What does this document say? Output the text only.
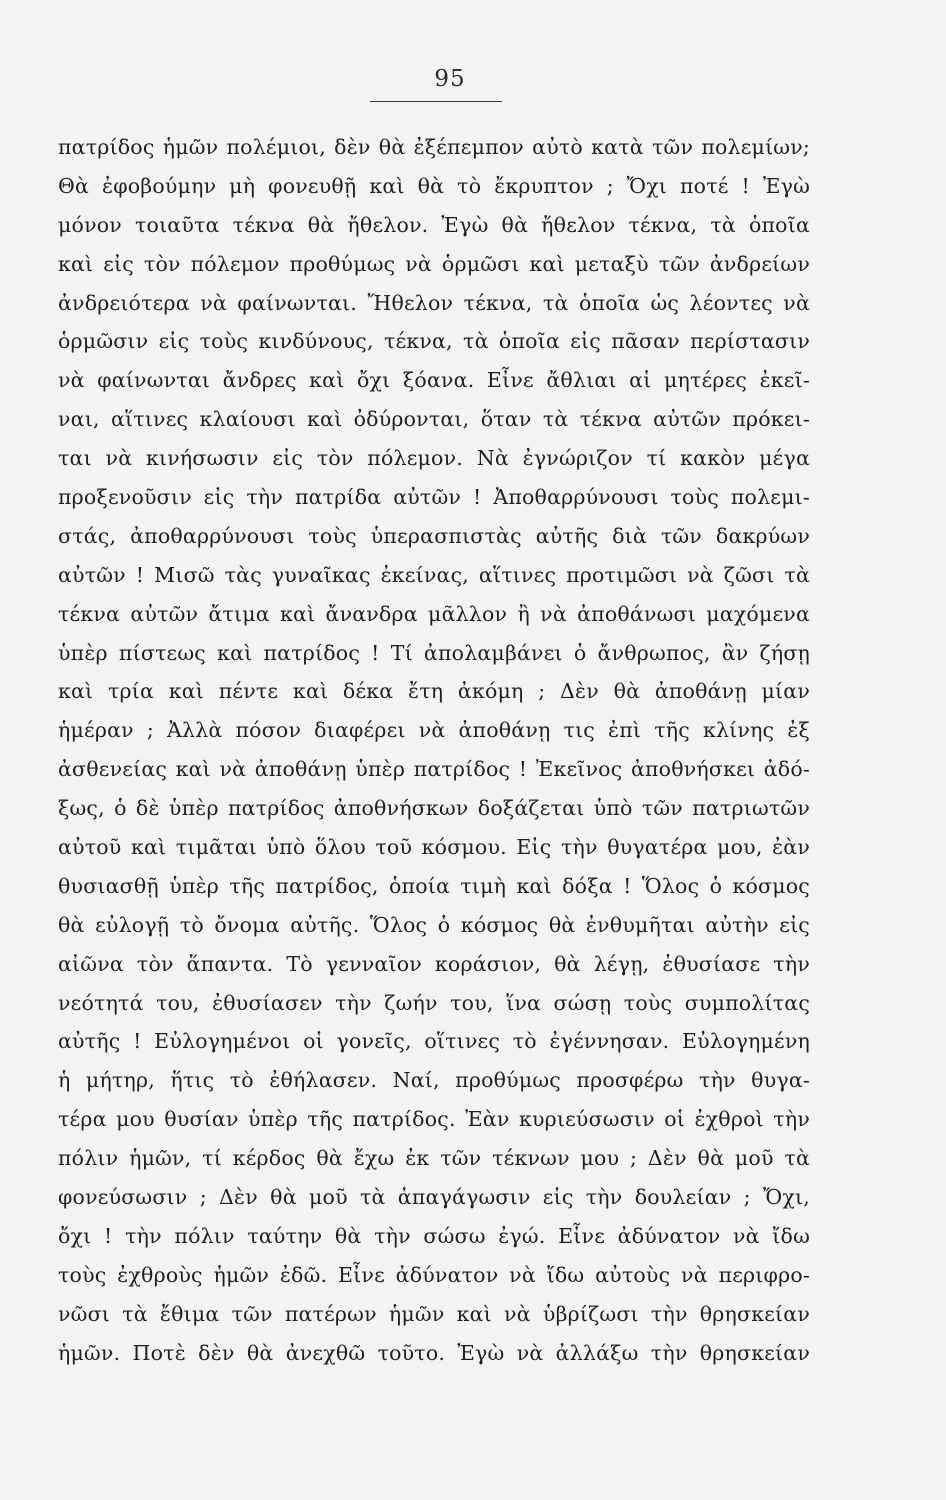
95
πατρίδος ἡμῶν πολέμιοι, δὲν θὰ ἐξέπεμπον αὐτὸ κατὰ τῶν πολεμίων;
Θὰ ἐφοβούμην μὴ φονευθῇ καὶ θὰ τὸ ἔκρυπτον ; Ὄχι ποτέ ! Ἐγὼ
μόνον τοιαῦτα τέκνα θὰ ἤθελον. Ἐγὼ θὰ ἤθελον τέκνα, τὰ ὁποῖα
καὶ εἰς τὸν πόλεμον προθύμως νὰ ὁρμῶσι καὶ μεταξὺ τῶν ἀνδρείων
ἀνδρειότερα νὰ φαίνωνται. Ἤθελον τέκνα, τὰ ὁποῖα ὡς λέοντες νὰ
ὁρμῶσιν εἰς τοὺς κινδύνους, τέκνα, τὰ ὁποῖα εἰς πᾶσαν περίστασιν
νὰ φαίνωνται ἄνδρες καὶ ὄχι ξόανα. Εἶνε ἄθλιαι αἱ μητέρες ἐκεῖ-
ναι, αἵτινες κλαίουσι καὶ ὀδύρονται, ὅταν τὰ τέκνα αὐτῶν πρόκει-
ται νὰ κινήσωσιν εἰς τὸν πόλεμον. Νὰ ἐγνώριζον τί κακὸν μέγα
προξενοῦσιν εἰς τὴν πατρίδα αὐτῶν ! Ἀποθαρρύνουσι τοὺς πολεμι-
στάς, ἀποθαρρύνουσι τοὺς ὑπερασπιστὰς αὐτῆς διὰ τῶν δακρύων
αὐτῶν ! Μισῶ τὰς γυναῖκας ἐκείνας, αἵτινες προτιμῶσι νὰ ζῶσι τὰ
τέκνα αὐτῶν ἄτιμα καὶ ἄνανδρα μᾶλλον ἢ νὰ ἀποθάνωσι μαχόμενα
ὑπὲρ πίστεως καὶ πατρίδος ! Τί ἀπολαμβάνει ὁ ἄνθρωπος, ἂν ζήσῃ
καὶ τρία καὶ πέντε καὶ δέκα ἔτη ἀκόμη ; Δὲν θὰ ἀποθάνῃ μίαν
ἡμέραν ; Ἀλλὰ πόσον διαφέρει νὰ ἀποθάνῃ τις ἐπὶ τῆς κλίνης ἐξ
ἀσθενείας καὶ νὰ ἀποθάνῃ ὑπὲρ πατρίδος ! Ἐκεῖνος ἀποθνήσκει ἀδό-
ξως, ὁ δὲ ὑπὲρ πατρίδος ἀποθνήσκων δοξάζεται ὑπὸ τῶν πατριωτῶν
αὐτοῦ καὶ τιμᾶται ὑπὸ ὅλου τοῦ κόσμου. Εἰς τὴν θυγατέρα μου, ἐὰν
θυσιασθῇ ὑπὲρ τῆς πατρίδος, ὁποία τιμὴ καὶ δόξα ! Ὅλος ὁ κόσμος
θὰ εὐλογῇ τὸ ὄνομα αὐτῆς. Ὅλος ὁ κόσμος θὰ ἐνθυμῆται αὐτὴν εἰς
αἰῶνα τὸν ἅπαντα. Τὸ γενναῖον κοράσιον, θὰ λέγῃ, ἐθυσίασε τὴν
νεότητά του, ἐθυσίασεν τὴν ζωήν του, ἵνα σώσῃ τοὺς συμπολίτας
αὐτῆς ! Εὐλογημένοι οἱ γονεῖς, οἵτινες τὸ ἐγέννησαν. Εὐλογημένη
ἡ μήτηρ, ἥτις τὸ ἐθήλασεν. Ναί, προθύμως προσφέρω τὴν θυγα-
τέρα μου θυσίαν ὑπὲρ τῆς πατρίδος. Ἐὰν κυριεύσωσιν οἱ ἐχθροὶ τὴν
πόλιν ἡμῶν, τί κέρδος θὰ ἔχω ἐκ τῶν τέκνων μου ; Δὲν θὰ μοῦ τὰ
φονεύσωσιν ; Δὲν θὰ μοῦ τὰ ἀπαγάγωσιν εἰς τὴν δουλείαν ; Ὄχι,
ὄχι ! τὴν πόλιν ταύτην θὰ τὴν σώσω ἐγώ. Εἶνε ἀδύνατον νὰ ἴδω
τοὺς ἐχθροὺς ἡμῶν ἐδῶ. Εἶνε ἀδύνατον νὰ ἴδω αὐτοὺς νὰ περιφρο-
νῶσι τὰ ἔθιμα τῶν πατέρων ἡμῶν καὶ νὰ ὑβρίζωσι τὴν θρησκείαν
ἡμῶν. Ποτὲ δὲν θὰ ἀνεχθῶ τοῦτο. Ἐγὼ νὰ ἀλλάξω τὴν θρησκείαν
